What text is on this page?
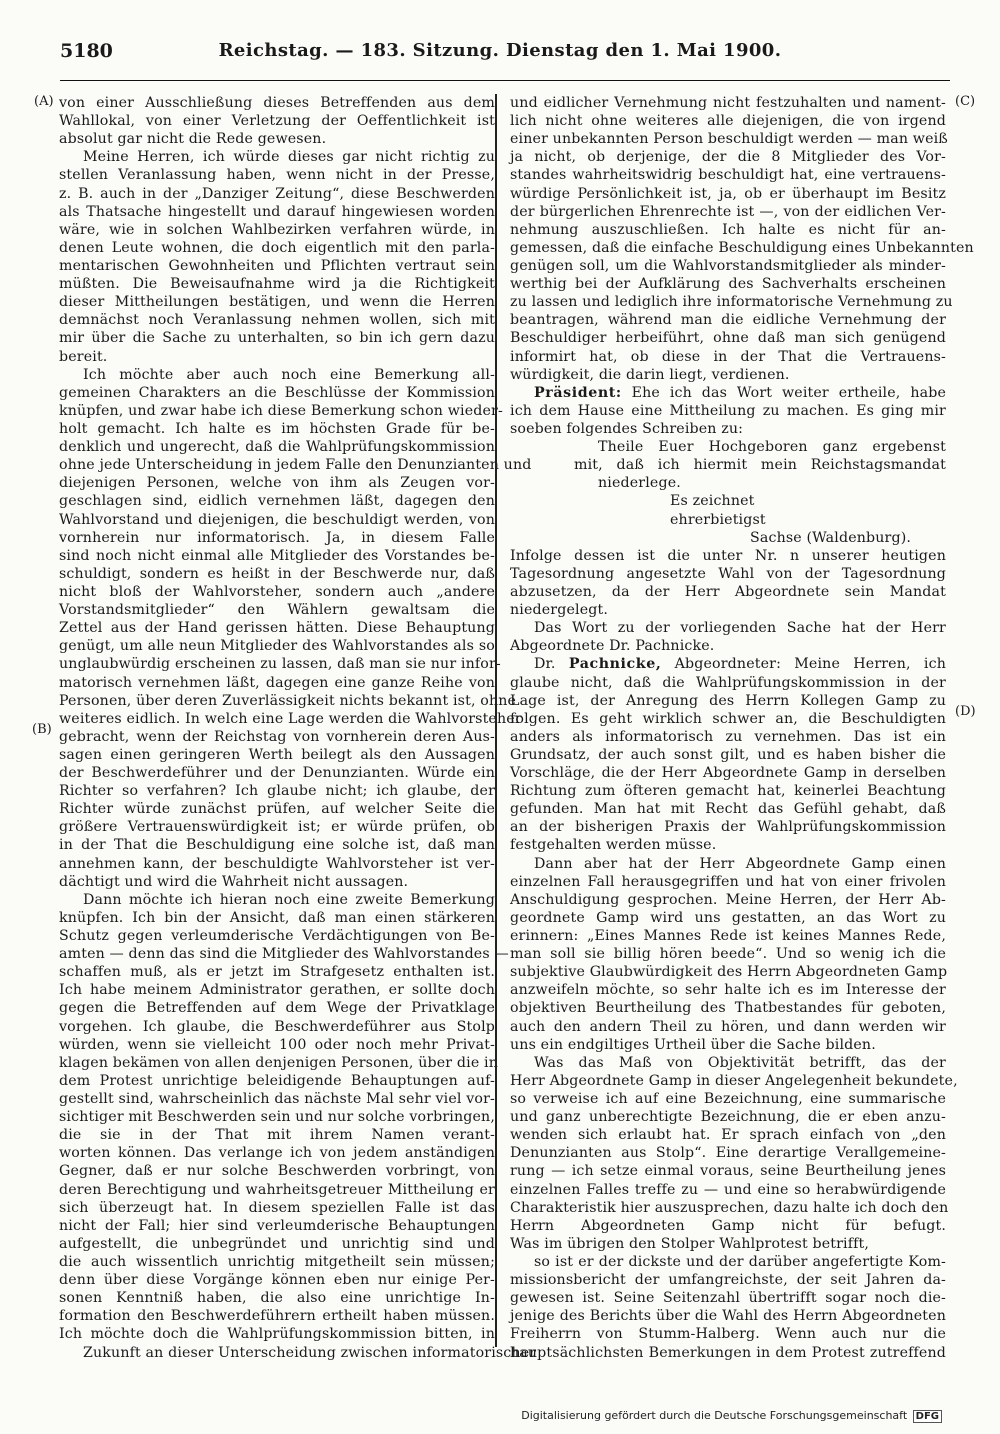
5180	Reichstag. — 183. Sitzung. Dienstag den 1. Mai 1900.
(A)
(B)
(C)
(D)
von einer Ausschließung dieses Betreffenden aus dem
Wahllokal, von einer Verletzung der Oeffentlichkeit ist
absolut gar nicht die Rede gewesen.
Meine Herren, ich würde dieses gar nicht richtig zu
stellen Veranlassung haben, wenn nicht in der Presse,
z. B. auch in der „Danziger Zeitung“, diese Beschwerden
als Thatsache hingestellt und darauf hingewiesen worden
wäre, wie in solchen Wahlbezirken verfahren würde, in
denen Leute wohnen, die doch eigentlich mit den parla-
mentarischen Gewohnheiten und Pflichten vertraut sein
müßten. Die Beweisaufnahme wird ja die Richtigkeit
dieser Mittheilungen bestätigen, und wenn die Herren
demnächst noch Veranlassung nehmen wollen, sich mit
mir über die Sache zu unterhalten, so bin ich gern dazu
bereit.
Ich möchte aber auch noch eine Bemerkung all-
gemeinen Charakters an die Beschlüsse der Kommission
knüpfen, und zwar habe ich diese Bemerkung schon wieder-
holt gemacht. Ich halte es im höchsten Grade für be-
denklich und ungerecht, daß die Wahlprüfungskommission
ohne jede Unterscheidung in jedem Falle den Denunzianten und
diejenigen Personen, welche von ihm als Zeugen vor-
geschlagen sind, eidlich vernehmen läßt, dagegen den
Wahlvorstand und diejenigen, die beschuldigt werden, von
vornherein nur informatorisch. Ja, in diesem Falle
sind noch nicht einmal alle Mitglieder des Vorstandes be-
schuldigt, sondern es heißt in der Beschwerde nur, daß
nicht bloß der Wahlvorsteher, sondern auch „andere
Vorstandsmitglieder“ den Wählern gewaltsam die
Zettel aus der Hand gerissen hätten. Diese Behauptung
genügt, um alle neun Mitglieder des Wahlvorstandes als so
unglaubwürdig erscheinen zu lassen, daß man sie nur infor-
matorisch vernehmen läßt, dagegen eine ganze Reihe von
Personen, über deren Zuverlässigkeit nichts bekannt ist, ohne
weiteres eidlich. In welch eine Lage werden die Wahlvorsteher
gebracht, wenn der Reichstag von vornherein deren Aus-
sagen einen geringeren Werth beilegt als den Aussagen
der Beschwerdeführer und der Denunzianten. Würde ein
Richter so verfahren? Ich glaube nicht; ich glaube, der
Richter würde zunächst prüfen, auf welcher Seite die
größere Vertrauenswürdigkeit ist; er würde prüfen, ob
in der That die Beschuldigung eine solche ist, daß man
annehmen kann, der beschuldigte Wahlvorsteher ist ver-
dächtigt und wird die Wahrheit nicht aussagen.
Dann möchte ich hieran noch eine zweite Bemerkung
knüpfen. Ich bin der Ansicht, daß man einen stärkeren
Schutz gegen verleumderische Verdächtigungen von Be-
amten — denn das sind die Mitglieder des Wahlvorstandes —
schaffen muß, als er jetzt im Strafgesetz enthalten ist.
Ich habe meinem Administrator gerathen, er sollte doch
gegen die Betreffenden auf dem Wege der Privatklage
vorgehen. Ich glaube, die Beschwerdeführer aus Stolp
würden, wenn sie vielleicht 100 oder noch mehr Privat-
klagen bekämen von allen denjenigen Personen, über die in
dem Protest unrichtige beleidigende Behauptungen auf-
gestellt sind, wahrscheinlich das nächste Mal sehr viel vor-
sichtiger mit Beschwerden sein und nur solche vorbringen,
die sie in der That mit ihrem Namen verant-
worten können. Das verlange ich von jedem anständigen
Gegner, daß er nur solche Beschwerden vorbringt, von
deren Berechtigung und wahrheitsgetreuer Mittheilung er
sich überzeugt hat. In diesem speziellen Falle ist das
nicht der Fall; hier sind verleumderische Behauptungen
aufgestellt, die unbegründet und unrichtig sind und
die auch wissentlich unrichtig mitgetheilt sein müssen;
denn über diese Vorgänge können eben nur einige Per-
sonen Kenntniß haben, die also eine unrichtige In-
formation den Beschwerdeführern ertheilt haben müssen.
Ich möchte doch die Wahlprüfungskommission bitten, in
Zukunft an dieser Unterscheidung zwischen informatorischer
und eidlicher Vernehmung nicht festzuhalten und nament-
lich nicht ohne weiteres alle diejenigen, die von irgend
einer unbekannten Person beschuldigt werden — man weiß
ja nicht, ob derjenige, der die 8 Mitglieder des Vor-
standes wahrheitswidrig beschuldigt hat, eine vertrauens-
würdige Persönlichkeit ist, ja, ob er überhaupt im Besitz
der bürgerlichen Ehrenrechte ist —, von der eidlichen Ver-
nehmung auszuschließen. Ich halte es nicht für an-
gemessen, daß die einfache Beschuldigung eines Unbekannten
genügen soll, um die Wahlvorstandsmitglieder als minder-
werthig bei der Aufklärung des Sachverhalts erscheinen
zu lassen und lediglich ihre informatorische Vernehmung zu
beantragen, während man die eidliche Vernehmung der
Beschuldiger herbeiführt, ohne daß man sich genügend
informirt hat, ob diese in der That die Vertrauens-
würdigkeit, die darin liegt, verdienen.
Präsident: Ehe ich das Wort weiter ertheile, habe
ich dem Hause eine Mittheilung zu machen. Es ging mir
soeben folgendes Schreiben zu:
Theile Euer Hochgeboren ganz ergebenst
mit, daß ich hiermit mein Reichstagsmandat
niederlege.
Es zeichnet
ehrerbietigst
Sachse (Waldenburg).
Infolge dessen ist die unter Nr. n unserer heutigen
Tagesordnung angesetzte Wahl von der Tagesordnung
abzusetzen, da der Herr Abgeordnete sein Mandat
niedergelegt.
Das Wort zu der vorliegenden Sache hat der Herr
Abgeordnete Dr. Pachnicke.
Dr. Pachnicke, Abgeordneter: Meine Herren, ich
glaube nicht, daß die Wahlprüfungskommission in der
Lage ist, der Anregung des Herrn Kollegen Gamp zu
folgen. Es geht wirklich schwer an, die Beschuldigten
anders als informatorisch zu vernehmen. Das ist ein
Grundsatz, der auch sonst gilt, und es haben bisher die
Vorschläge, die der Herr Abgeordnete Gamp in derselben
Richtung zum öfteren gemacht hat, keinerlei Beachtung
gefunden. Man hat mit Recht das Gefühl gehabt, daß
an der bisherigen Praxis der Wahlprüfungskommission
festgehalten werden müsse.
Dann aber hat der Herr Abgeordnete Gamp einen
einzelnen Fall herausgegriffen und hat von einer frivolen
Anschuldigung gesprochen. Meine Herren, der Herr Ab-
geordnete Gamp wird uns gestatten, an das Wort zu
erinnern: „Eines Mannes Rede ist keines Mannes Rede,
man soll sie billig hören beede“. Und so wenig ich die
subjektive Glaubwürdigkeit des Herrn Abgeordneten Gamp
anzweifeln möchte, so sehr halte ich es im Interesse der
objektiven Beurtheilung des Thatbestandes für geboten,
auch den andern Theil zu hören, und dann werden wir
uns ein endgiltiges Urtheil über die Sache bilden.
Was das Maß von Objektivität betrifft, das der
Herr Abgeordnete Gamp in dieser Angelegenheit bekundete,
so verweise ich auf eine Bezeichnung, eine summarische
und ganz unberechtigte Bezeichnung, die er eben anzu-
wenden sich erlaubt hat. Er sprach einfach von „den
Denunzianten aus Stolp“. Eine derartige Verallgemeine-
rung — ich setze einmal voraus, seine Beurtheilung jenes
einzelnen Falles treffe zu — und eine so herabwürdigende
Charakteristik hier auszusprechen, dazu halte ich doch den
Herrn Abgeordneten Gamp nicht für befugt.
Was im übrigen den Stolper Wahlprotest betrifft,
so ist er der dickste und der darüber angefertigte Kom-
missionsbericht der umfangreichste, der seit Jahren da-
gewesen ist. Seine Seitenzahl übertrifft sogar noch die-
jenige des Berichts über die Wahl des Herrn Abgeordneten
Freiherrn von Stumm-Halberg. Wenn auch nur die
hauptsächlichsten Bemerkungen in dem Protest zutreffend
Digitalisierung gefördert durch die Deutsche Forschungsgemeinschaft DFG
